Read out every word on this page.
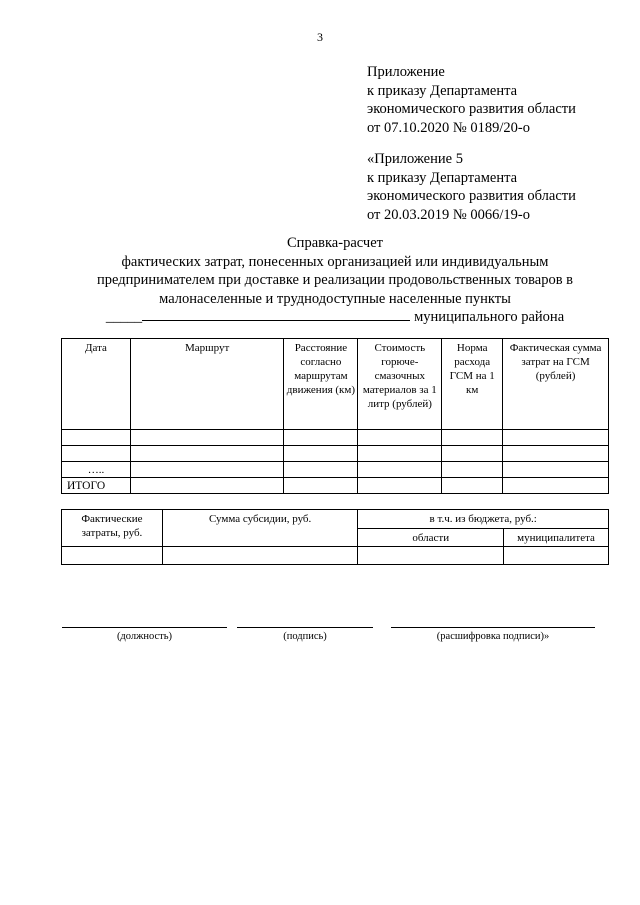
3
Приложение
к приказу Департамента
экономического развития области
от 07.10.2020 № 0189/20-о
«Приложение 5
к приказу Департамента
экономического развития области
от 20.03.2019 № 0066/19-о
Справка-расчет
фактических затрат, понесенных организацией или индивидуальным
предпринимателем при доставке и реализации продовольственных товаров в
малонаселенные и труднодоступные населенные пункты
_____	муниципального района
Дата	Маршрут	Расстояние согласно маршрутам движения (км)	Стоимость горюче-смазочных материалов за 1 литр (рублей)	Норма расхода ГСМ на 1 км	Фактическая сумма затрат на ГСМ (рублей)

…..					
ИТОГО					
Фактические затраты, руб.	Сумма субсидии, руб.	в т.ч. из бюджета, руб.:	
		области	муниципалитета

(должность)	(подпись)	(расшифровка подписи)»
